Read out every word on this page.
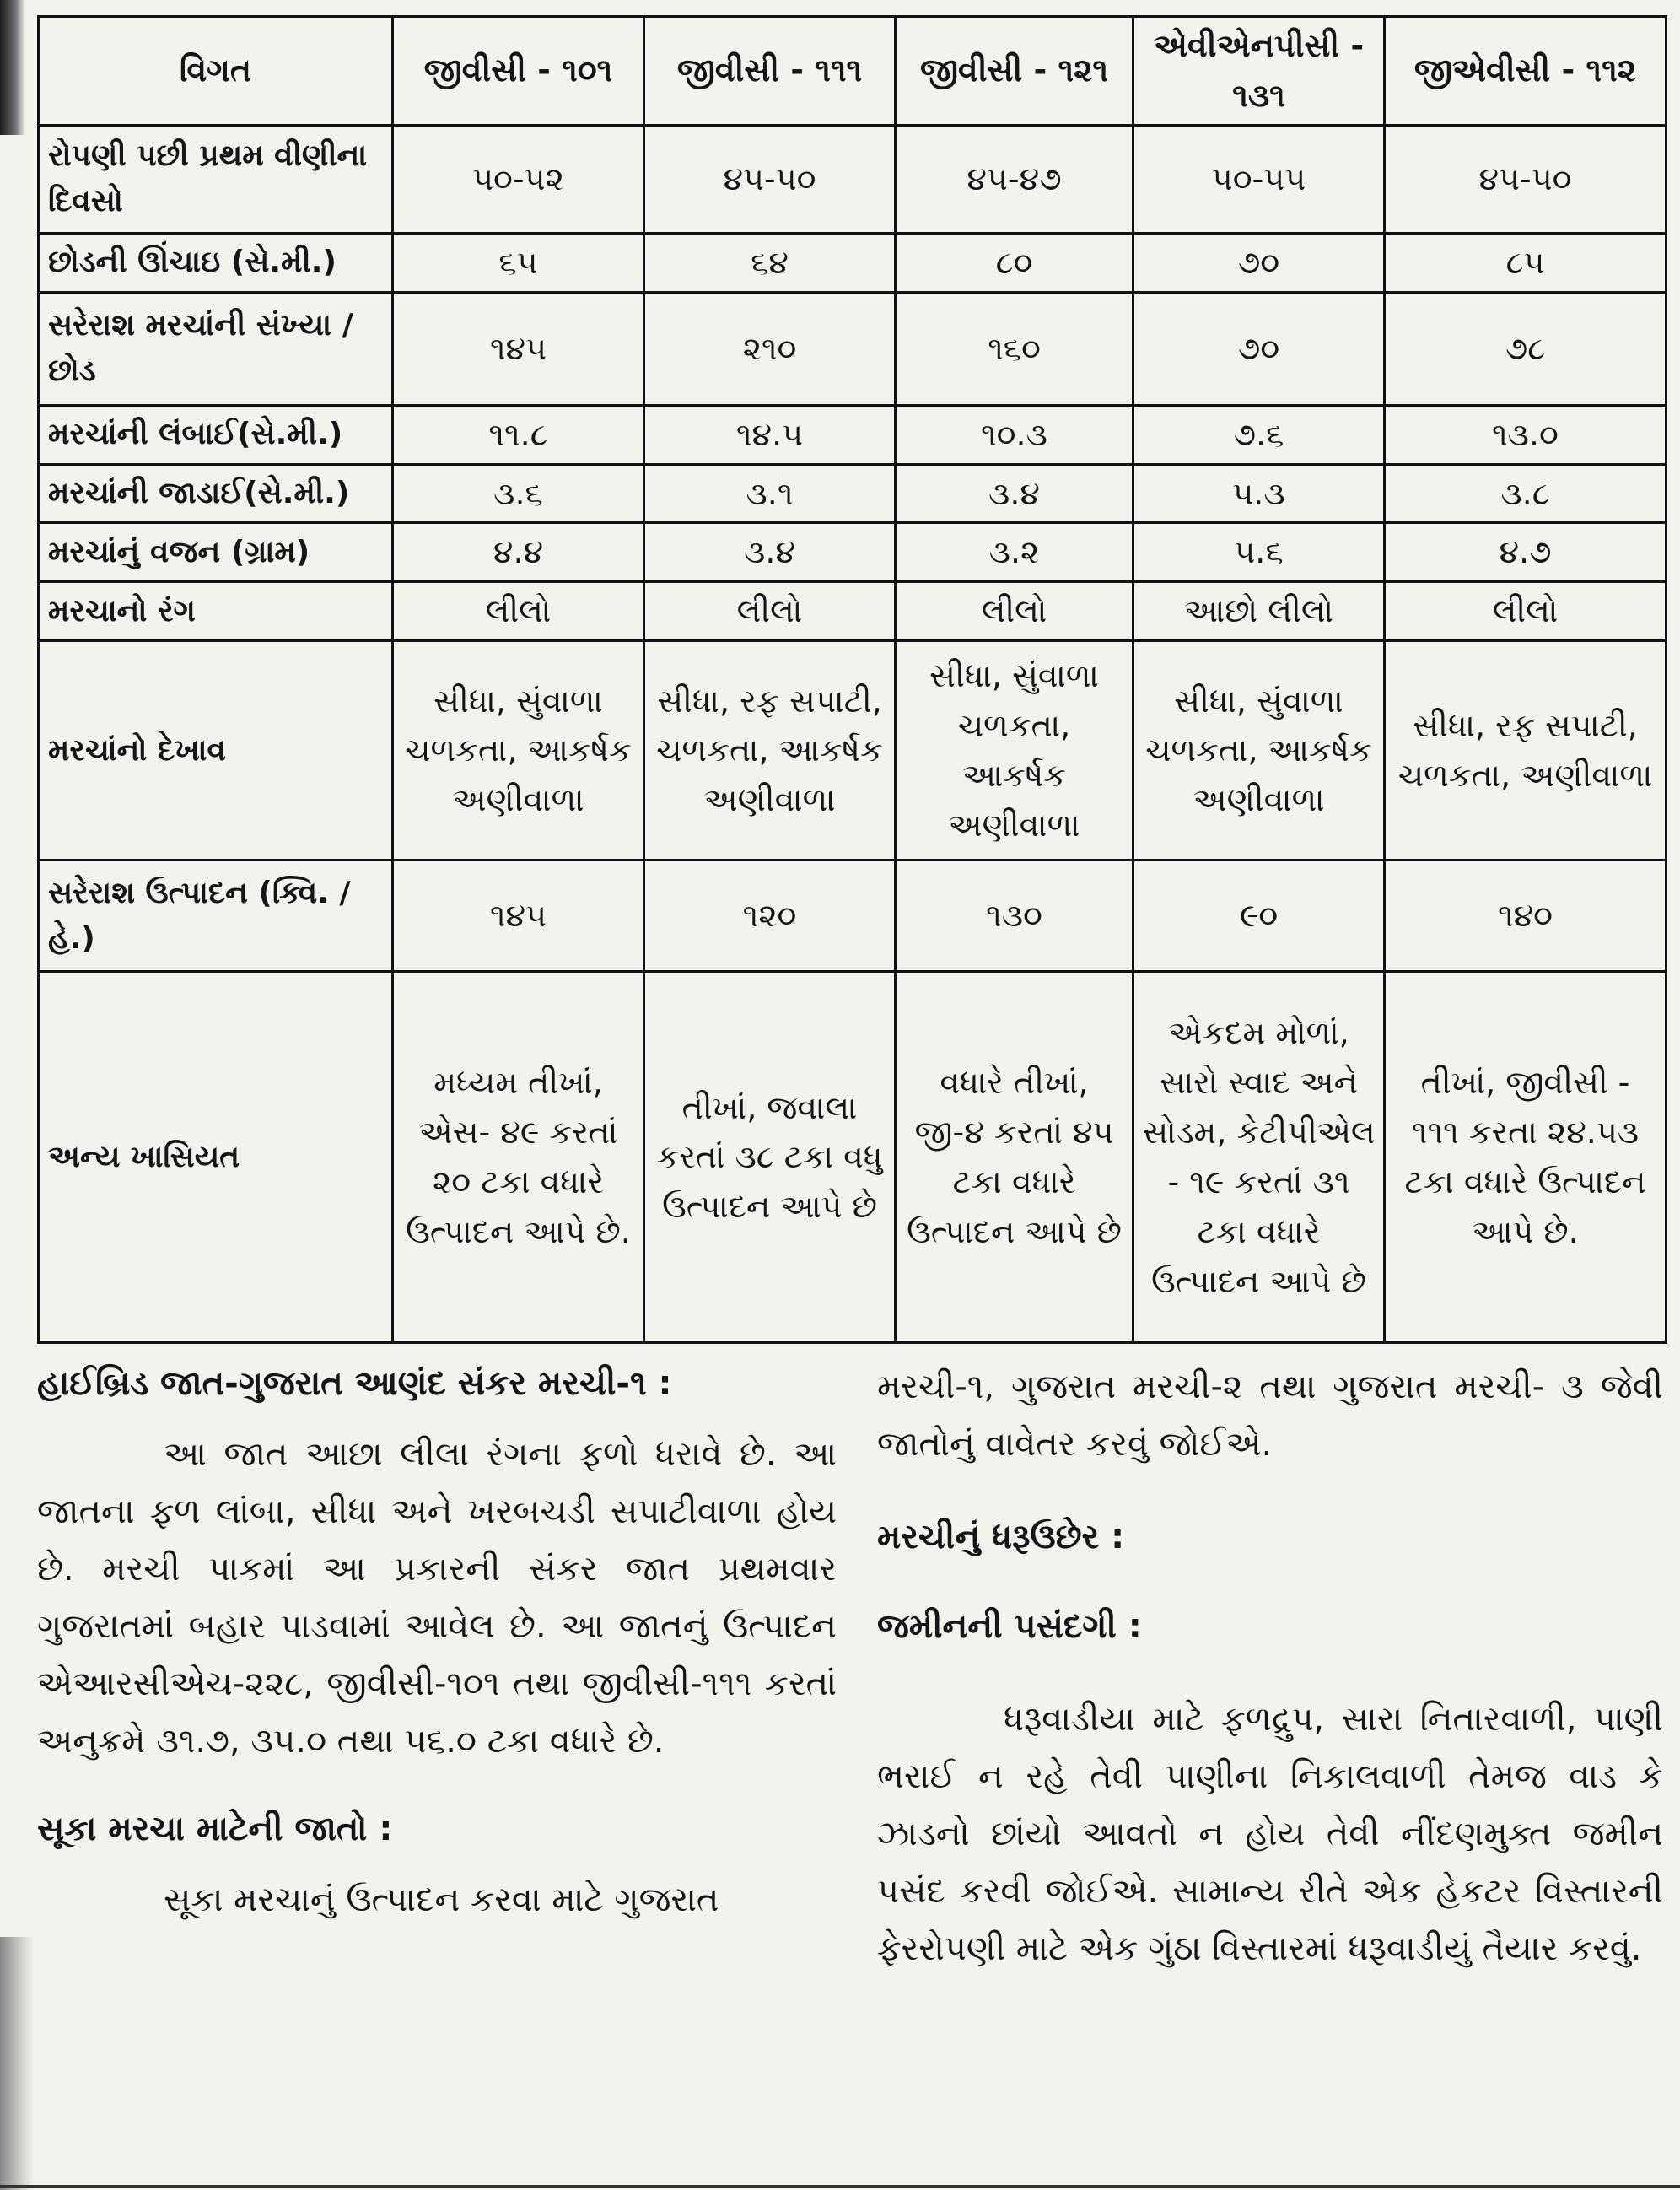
વિગત	જીવીસી - ૧૦૧	જીવીસી - ૧૧૧	જીવીસી - ૧૨૧	એવીએનપીસી - ૧૩૧	જીએવીસી - ૧૧૨
રોપણી પછી પ્રથમ વીણીના દિવસો	૫૦-૫૨	૪૫-૫૦	૪૫-૪૭	૫૦-૫૫	૪૫-૫૦
છોડની ઊંચાઇ (સે.મી.)	૬૫	૬૪	૮૦	૭૦	૮૫
સરેરાશ મરચાંની સંખ્યા / છોડ	૧૪૫	૨૧૦	૧૬૦	૭૦	૭૮
મરચાંની લંબાઈ(સે.મી.)	૧૧.૮	૧૪.૫	૧૦.૩	૭.૬	૧૩.૦
મરચાંની જાડાઈ(સે.મી.)	૩.૬	૩.૧	૩.૪	૫.૩	૩.૮
મરચાંનું વજન (ગ્રામ)	૪.૪	૩.૪	૩.૨	૫.૬	૪.૭
મરચાનો રંગ	લીલો	લીલો	લીલો	આછો લીલો	લીલો
મરચાંનો દેખાવ	સીધા, સુંવાળા ચળકતા, આકર્ષક અણીવાળા	સીધા, રફ સપાટી, ચળકતા, આકર્ષક અણીવાળા	સીધા, સુંવાળા ચળકતા, આકર્ષક અણીવાળા	સીધા, સુંવાળા ચળકતા, આકર્ષક અણીવાળા	સીધા, રફ સપાટી, ચળકતા, અણીવાળા
સરેરાશ ઉત્પાદન (ક્વિ. / હે.)	૧૪૫	૧૨૦	૧૩૦	૯૦	૧૪૦
અન્ય ખાસિયત	મધ્યમ તીખાં, એસ- ૪૯ કરતાં ૨૦ ટકા વધારે ઉત્પાદન આપે છે.	તીખાં, જવાલા કરતાં ૩૮ ટકા વધુ ઉત્પાદન આપે છે	વધારે તીખાં, જી-૪ કરતાં ૪૫ ટકા વધારે ઉત્પાદન આપે છે	એકદમ મોળાં, સારો સ્વાદ અને સોડમ, કેટીપીએલ - ૧૯ કરતાં ૩૧ ટકા વધારે ઉત્પાદન આપે છે	તીખાં, જીવીસી - ૧૧૧ કરતા ૨૪.૫૩ ટકા વધારે ઉત્પાદન આપે છે.

હાઈબ્રિડ જાત-ગુજરાત આણંદ સંકર મરચી-૧ :

આ જાત આછા લીલા રંગના ફળો ધરાવે છે. આ જાતના ફળ લાંબા, સીધા અને ખરબચડી સપાટીવાળા હોય છે. મરચી પાકમાં આ પ્રકારની સંકર જાત પ્રથમવાર ગુજરાતમાં બહાર પાડવામાં આવેલ છે. આ જાતનું ઉત્પાદન એઆરસીએચ-૨૨૮, જીવીસી-૧૦૧ તથા જીવીસી-૧૧૧ કરતાં અનુક્રમે ૩૧.૭, ૩૫.૦ તથા ૫૬.૦ ટકા વધારે છે.

સૂકા મરચા માટેની જાતો :

સૂકા મરચાનું ઉત્પાદન કરવા માટે ગુજરાત

મરચી-૧, ગુજરાત મરચી-૨ તથા ગુજરાત મરચી- ૩ જેવી જાતોનું વાવેતર કરવું જોઈએ.

મરચીનું ધરૂઉછેર :

જમીનની પસંદગી :

ધરૂવાડીયા માટે ફળદ્રુપ, સારા નિતારવાળી, પાણી ભરાઈ ન રહે તેવી પાણીના નિકાલવાળી તેમજ વાડ કે ઝાડનો છાંયો આવતો ન હોય તેવી નીંદણમુક્ત જમીન પસંદ કરવી જોઈએ. સામાન્ય રીતે એક હેકટર વિસ્તારની ફેરરોપણી માટે એક ગુંઠા વિસ્તારમાં ધરૂવાડીયું તૈયાર કરવું.
